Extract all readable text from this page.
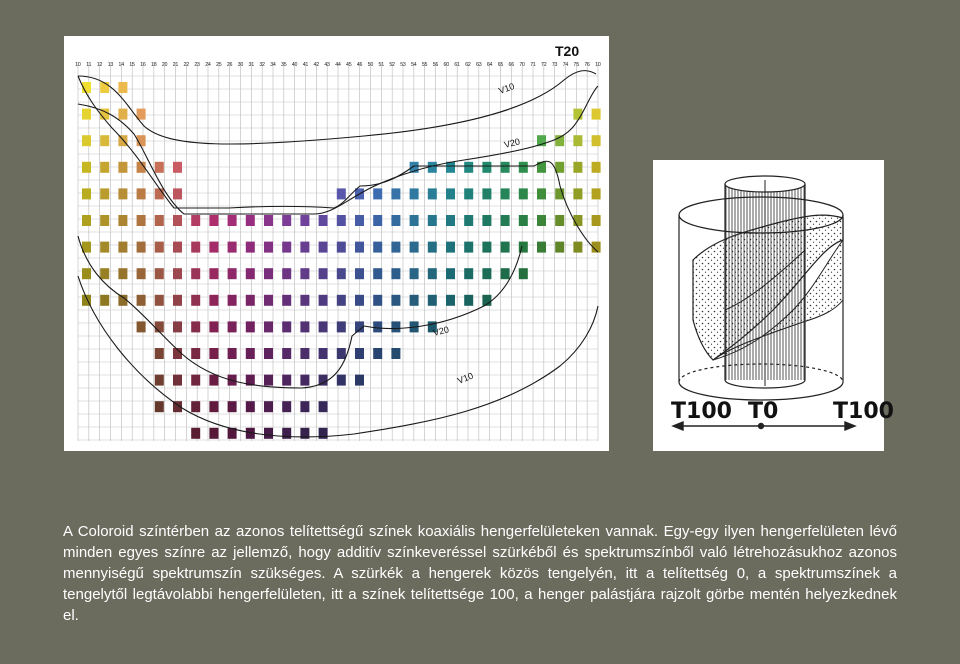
T20
10 11 12 13 14 15 16 18 20 21 22 23 24 25 26 30 31 32 34 35 40 41 42 43 44 45 46 50 51 52 53 54 55 56 60 61 62 63 64 65 66 70 71 72 73 74 75 76 10
V10
V20
V20
V10
T100 T0 T100

A Coloroid színtérben az azonos telítettségű színek koaxiális hengerfelületeken vannak. Egy-egy ilyen hengerfelületen lévő minden egyes színre az jellemző, hogy additív színkeveréssel szürkéből és spektrumszínből való létrehozásukhoz azonos mennyiségű spektrumszín szükséges. A szürkék a hengerek közös tengelyén, itt a telítettség 0, a spektrumszínek a tengelytől legtávolabbi hengerfelületen, itt a színek telítettsége 100, a henger palástjára rajzolt görbe mentén helyezkednek el.
